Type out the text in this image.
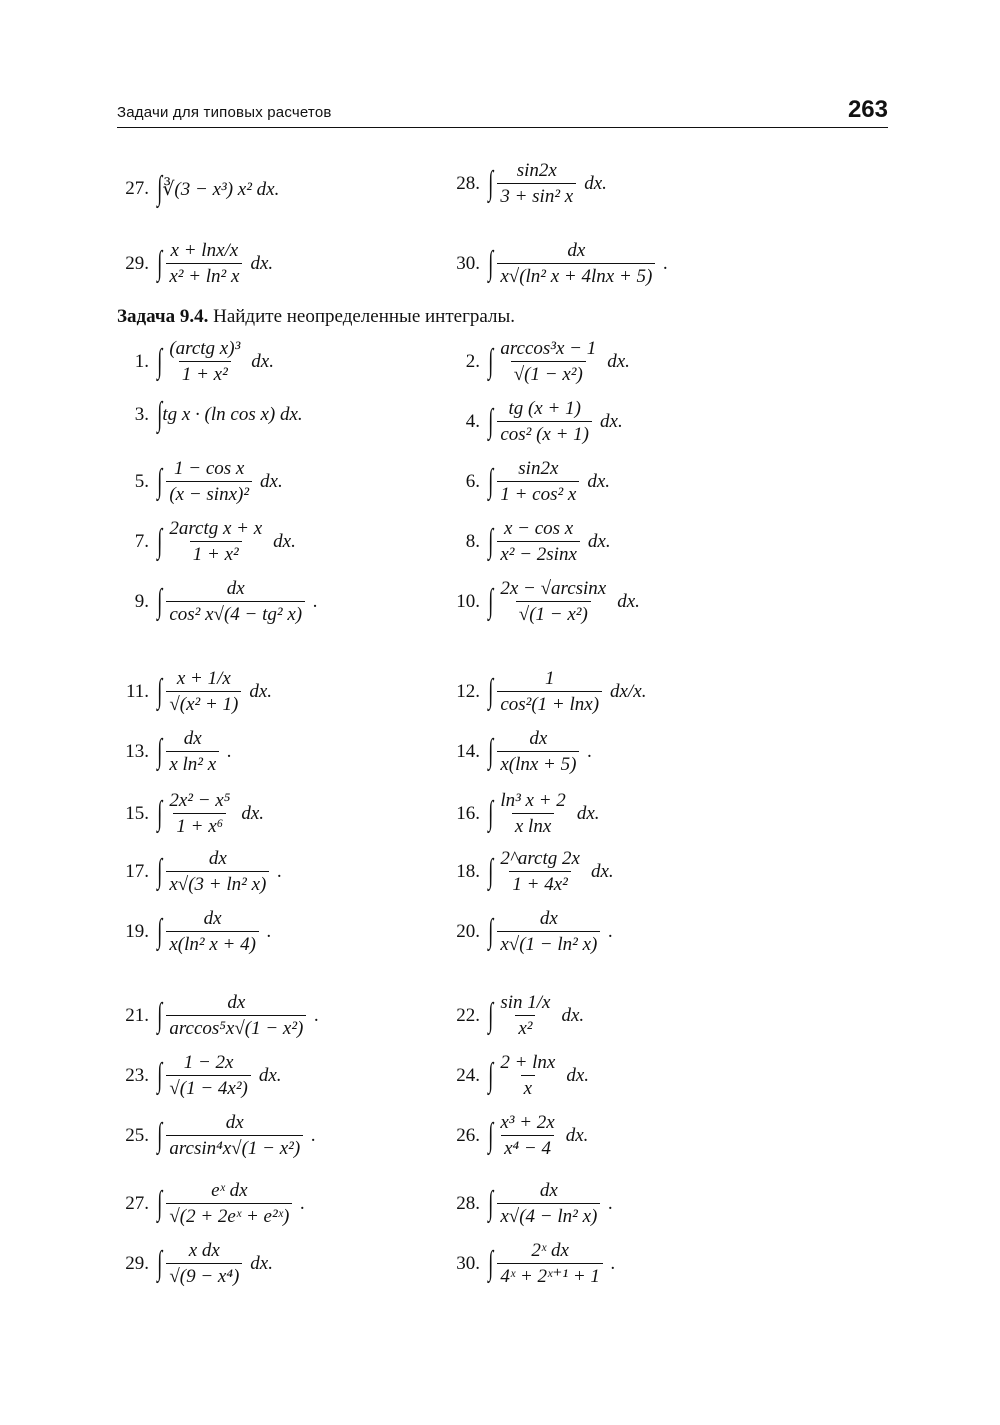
Задачи для типовых расчетов	263
27. ∫ ∛(3 − x³) x² dx.	28. ∫ $\frac{\sin 2x}{\text{3 + sin² x}}$ dx.
29. ∫ $\frac{x + \ln x/x}{\text{x² + ln² x}}$ dx.	30. ∫ $\frac{dx}{\text{x√(ln² x + 4lnx + 5)}}$ .
Задача 9.4. Найдите неопределенные интегралы.
1. ∫ $\frac{\text{(arctg x)³}}{\text{1 + x²}}$ dx.	2. ∫ $\frac{\text{arccos³x − 1}}{\text{√(1 − x²)}}$ dx.
3. ∫ tg x · (ln cos x) dx.	4. ∫ $\frac{tg (x + 1)}{\text{cos² (x + 1)}}$ dx.
5. ∫ $\frac{\text{1 − cos x}}{\text{(x − sinx)²}}$ dx.	6. ∫ $\frac{\sin 2x}{\text{1 + cos² x}}$ dx.
7. ∫ $\frac{\text{2arctg x + x}}{\text{1 + x²}}$ dx.	8. ∫ $\frac{\text{x − cos x}}{\text{x² − 2sinx}}$ dx.
9. ∫ $\frac{dx}{\text{cos² x√(4 − tg² x)}}$ .	10. ∫ $\frac{2x - √\arcsin x}{\text{√(1 − x²)}}$ dx.
11. ∫ $\frac{x + 1/x}{\text{√(x² + 1)}}$ dx.	12. ∫ $\frac{1}{\text{cos²(1 + lnx)}} dx/x$.
13. ∫ $\frac{dx}{\text{x ln² x}}$ .	14. ∫ $\frac{dx}{x(\ln x + 5)}$ .
15. ∫ $\frac{\text{2x² − x⁵}}{\text{1 + x⁶}}$ dx.	16. ∫ $\frac{\text{ln³ x + 2}}{\text{x lnx}}$ dx.
17. ∫ $\frac{dx}{\text{x√(3 + ln² x)}}$ .	18. ∫ $\frac{\text{2\textasciicircum{}arctg 2x}}{\text{1 + 4x²}}$ dx.
19. ∫ $\frac{dx}{\text{x(ln² x + 4)}}$ .	20. ∫ $\frac{dx}{\text{x√(1 − ln² x)}}$ .
21. ∫ $\frac{dx}{\text{arccos⁵x√(1 − x²)}}$ .	22. ∫ $\frac{\sin 1/x}{\text{x²}}$ dx.
23. ∫ $\frac{1 - 2x}{\text{√(1 − 4x²)}}$ dx.	24. ∫ $\frac{2 + \ln x}{x}$ dx.
25. ∫ $\frac{dx}{\text{arcsin⁴x√(1 − x²)}}$ .	26. ∫ $\frac{\text{x³ + 2x}}{\text{x⁴ − 4}}$ dx.
27. ∫ $\frac{\text{eˣ dx}}{\text{√(2 + 2eˣ + e²ˣ)}}$ .	28. ∫ $\frac{dx}{\text{x√(4 − ln² x)}}$ .
29. ∫ $\frac{\text{x dx}}{\text{√(9 − x⁴)}}$ dx.	30. ∫ $\frac{\text{2ˣ dx}}{\text{4ˣ + 2ˣ⁺¹ + 1}}$ .
